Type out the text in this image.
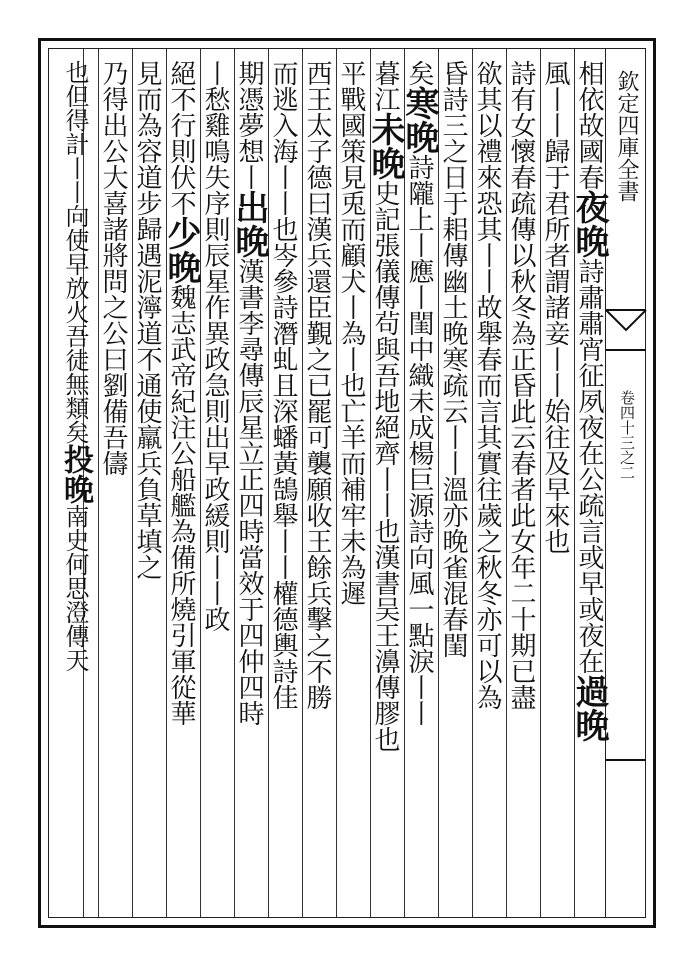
欽定四庫全書
卷四十三之二
相依故國春夜晚詩肅肅宵征夙夜在公疏言或早或夜在過晚
風丨丨歸于君所者謂諸妾丨丨始往及早來也
詩有女懷春疏傳以秋冬為正昏此云春者此女年二十期已盡
欲其以禮來恐其丨丨故舉春而言其實往歲之秋冬亦可以為
昏詩三之日于耜傳幽土晚寒疏云丨丨溫亦晚雀混春閨
矣寒晚詩隴上丨應丨閨中織未成楊巨源詩向風一點淚丨丨
暮江未晚史記張儀傳茍與吾地絕齊丨丨也漢書吴王濞傳膠也
平戰國策見兎而顧犬丨為丨也亡羊而補牢未為遲
西王太子德曰漢兵還臣覲之已罷可襲願收王餘兵擊之不勝
而逃入海丨丨也岑參詩潛虬且深蟠黃鵠舉丨丨權德輿詩佳
期憑夢想丨出晚漢書李尋傳辰星立正四時當效于四仲四時
丨愁雞鳴失序則辰星作異政急則出早政緩則丨丨政
絕不行則伏不少晚魏志武帝紀注公船艦為備所燒引軍從華
見而為容道步歸遇泥濘道不通使羸兵負草填之
乃得出公大喜諸將問之公曰劉備吾儔
也但得計丨丨向使早放火吾徒無類矣投晚南史何思澄傳天
